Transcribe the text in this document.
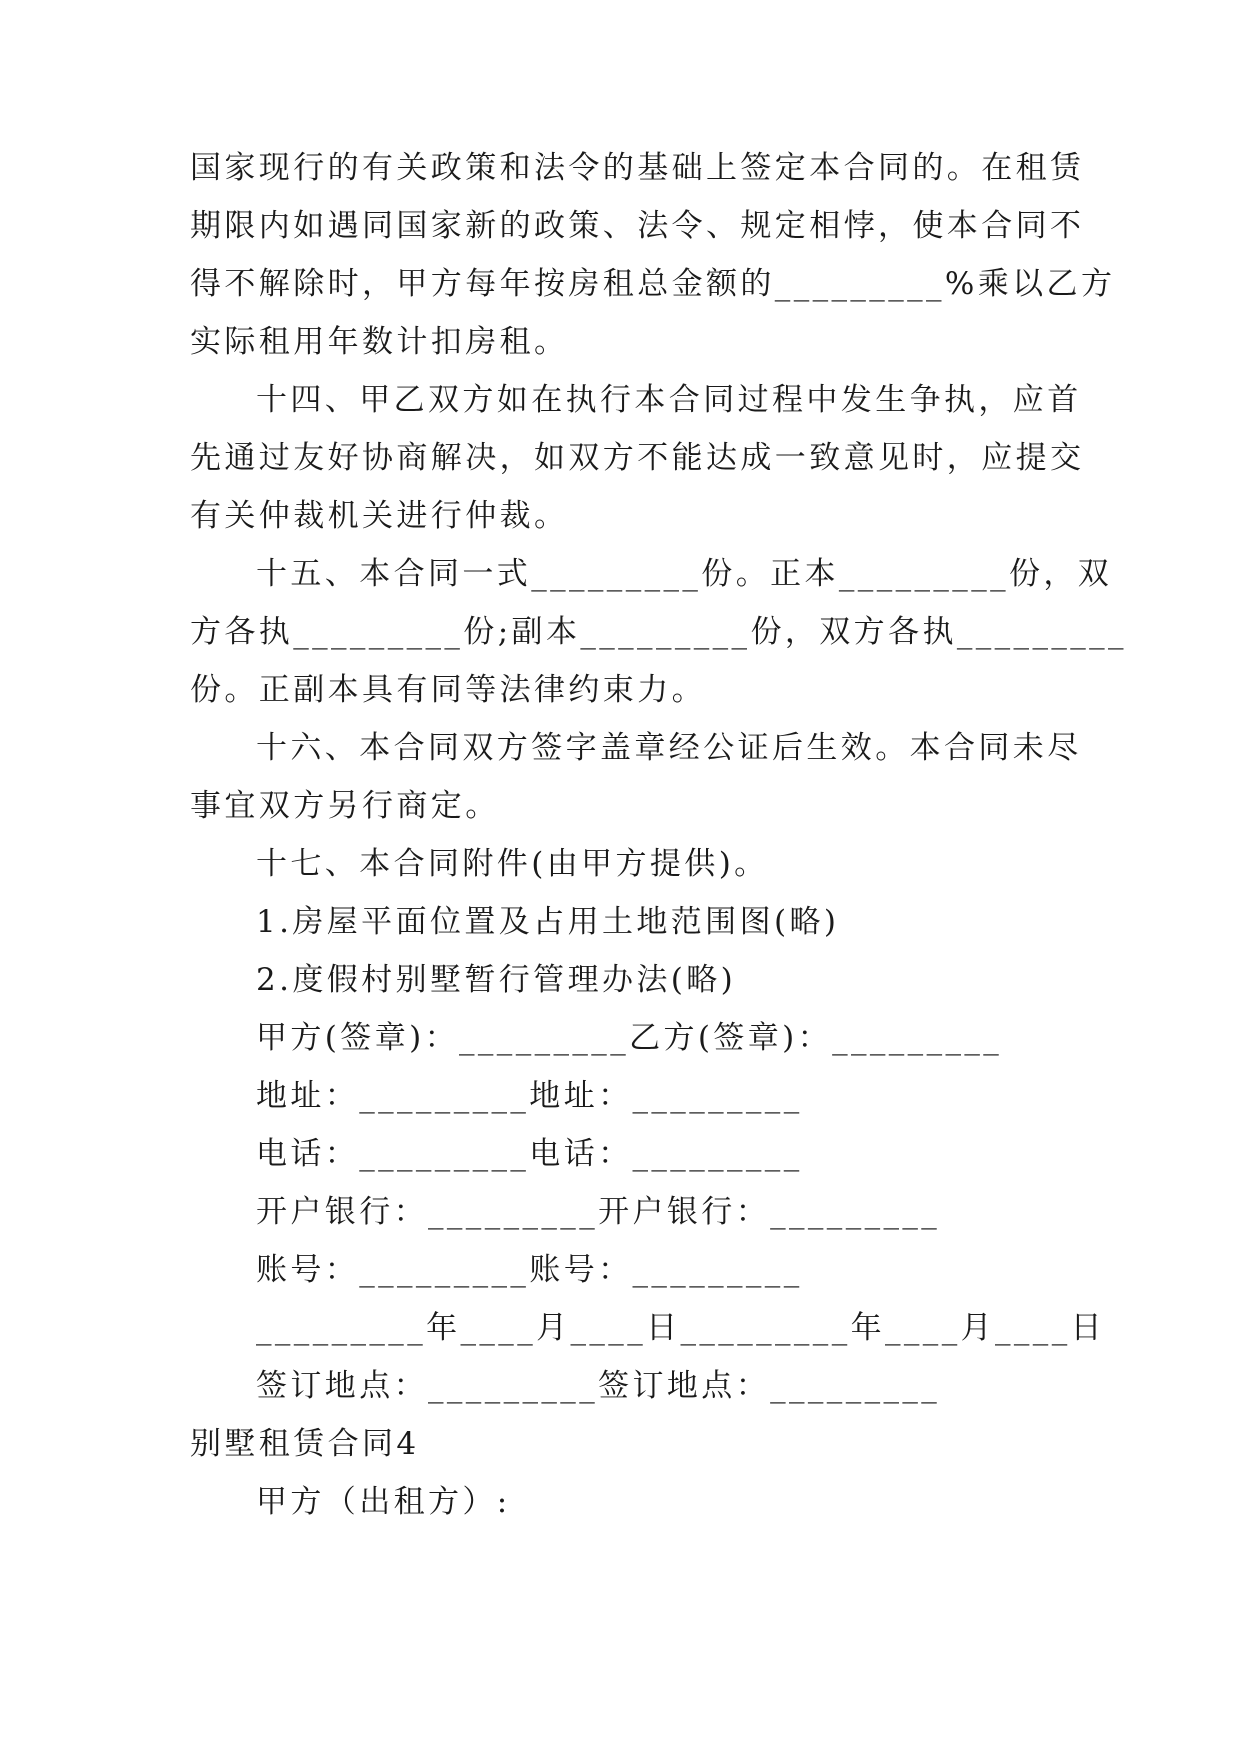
国家现行的有关政策和法令的基础上签定本合同的。在租赁
期限内如遇同国家新的政策、法令、规定相悖，使本合同不
得不解除时，甲方每年按房租总金额的_________%乘以乙方
实际租用年数计扣房租。
十四、甲乙双方如在执行本合同过程中发生争执，应首
先通过友好协商解决，如双方不能达成一致意见时，应提交
有关仲裁机关进行仲裁。
十五、本合同一式_________份。正本_________份，双
方各执_________份;副本_________份，双方各执_________
份。正副本具有同等法律约束力。
十六、本合同双方签字盖章经公证后生效。本合同未尽
事宜双方另行商定。
十七、本合同附件(由甲方提供)。
1.房屋平面位置及占用土地范围图(略)
2.度假村别墅暂行管理办法(略)
甲方(签章)：_________乙方(签章)：_________
地址：_________地址：_________
电话：_________电话：_________
开户银行：_________开户银行：_________
账号：_________账号：_________
_________年____月____日_________年____月____日
签订地点：_________签订地点：_________
别墅租赁合同4
甲方（出租方）:
